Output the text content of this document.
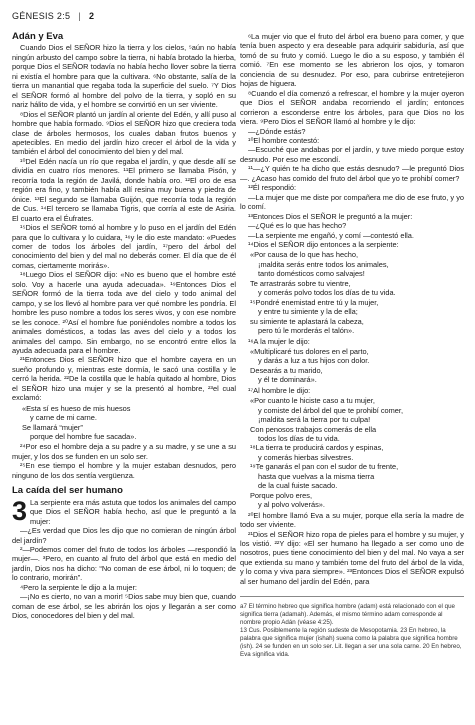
GÉNESIS 2:5 | 2
Adán y Eva

Cuando Dios el SEÑOR hizo la tierra y los cielos, ⁵aún no había ningún arbusto del campo sobre la tierra, ni había brotado la hierba, porque Dios el SEÑOR todavía no había hecho llover sobre la tierra ni existía el hombre para que la cultivara. ⁶No obstante, salía de la tierra un manantial que regaba toda la superficie del suelo. ⁷Y Dios el SEÑOR formó al hombre del polvo de la tierra, y sopló en su nariz hálito de vida, y el hombre se convirtió en un ser viviente.

⁸Dios el SEÑOR plantó un jardín al oriente del Edén, y allí puso al hombre que había formado. ⁹Dios el SEÑOR hizo que creciera toda clase de árboles hermosos, los cuales daban frutos buenos y apetecibles. En medio del jardín hizo crecer el árbol de la vida y también el árbol del conocimiento del bien y del mal.

¹⁰Del Edén nacía un río que regaba el jardín, y que desde allí se dividía en cuatro ríos menores. ¹¹El primero se llamaba Pisón, y recorría toda la región de Javilá, donde había oro. ¹²El oro de esa región era fino, y también había allí resina muy buena y piedra de ónice. ¹³El segundo se llamaba Guijón, que recorría toda la región de Cus. ¹⁴El tercero se llamaba Tigris, que corría al este de Asiria. El cuarto era el Éufrates.

¹⁵Dios el SEÑOR tomó al hombre y lo puso en el jardín del Edén para que lo cultivara y lo cuidara, ¹⁶y le dio este mandato: «Puedes comer de todos los árboles del jardín, ¹⁷pero del árbol del conocimiento del bien y del mal no deberás comer. El día que de él comas, ciertamente morirás».

¹⁸Luego Dios el SEÑOR dijo: «No es bueno que el hombre esté solo. Voy a hacerle una ayuda adecuada». ¹⁹Entonces Dios el SEÑOR formó de la tierra toda ave del cielo y todo animal del campo, y se los llevó al hombre para ver qué nombre les pondría. El hombre les puso nombre a todos los seres vivos, y con ese nombre se les conoce. ²⁰Así el hombre fue poniéndoles nombre a todos los animales domésticos, a todas las aves del cielo y a todos los animales del campo. Sin embargo, no se encontró entre ellos la ayuda adecuada para el hombre.

²¹Entonces Dios el SEÑOR hizo que el hombre cayera en un sueño profundo y, mientras este dormía, le sacó una costilla y le cerró la herida. ²²De la costilla que le había quitado al hombre, Dios el SEÑOR hizo una mujer y se la presentó al hombre, ²³el cual exclamó:

«Esta sí es hueso de mis huesos
y carne de mi carne.
Se llamará “mujer”
porque del hombre fue sacada».

²⁴Por eso el hombre deja a su padre y a su madre, y se une a su mujer, y los dos se funden en un solo ser.

²⁵En ese tiempo el hombre y la mujer estaban desnudos, pero ninguno de los dos sentía vergüenza.

La caída del ser humano
3 La serpiente era más astuta que todos los animales del campo que Dios el SEÑOR había hecho, así que le preguntó a la mujer:

—¿Es verdad que Dios les dijo que no comieran de ningún árbol del jardín?

²—Podemos comer del fruto de todos los árboles —respondió la mujer—. ³Pero, en cuanto al fruto del árbol que está en medio del jardín, Dios nos ha dicho: “No coman de ese árbol, ni lo toquen; de lo contrario, morirán”.

⁴Pero la serpiente le dijo a la mujer:

—¡No es cierto, no van a morir! ⁵Dios sabe muy bien que, cuando coman de ese árbol, se les abrirán los ojos y llegarán a ser como Dios, conocedores del bien y del mal.

⁶La mujer vio que el fruto del árbol era bueno para comer, y que tenía buen aspecto y era deseable para adquirir sabiduría, así que tomó de su fruto y comió. Luego le dio a su esposo, y también él comió. ⁷En ese momento se les abrieron los ojos, y tomaron conciencia de su desnudez. Por eso, para cubrirse entretejieron hojas de higuera.

⁸Cuando el día comenzó a refrescar, el hombre y la mujer oyeron que Dios el SEÑOR andaba recorriendo el jardín; entonces corrieron a esconderse entre los árboles, para que Dios no los viera. ⁹Pero Dios el SEÑOR llamó al hombre y le dijo:

—¿Dónde estás?

¹⁰El hombre contestó:

—Escuché que andabas por el jardín, y tuve miedo porque estoy desnudo. Por eso me escondí.

¹¹—¿Y quién te ha dicho que estás desnudo? —le preguntó Dios—. ¿Acaso has comido del fruto del árbol que yo te prohibí comer?

¹²Él respondió:

—La mujer que me diste por compañera me dio de ese fruto, y yo lo comí.

¹³Entonces Dios el SEÑOR le preguntó a la mujer:

—¿Qué es lo que has hecho?

—La serpiente me engañó, y comí —contestó ella.

¹⁴Dios el SEÑOR dijo entonces a la serpiente:

«Por causa de lo que has hecho,
¡maldita serás entre todos los animales,
tanto domésticos como salvajes!
Te arrastrarás sobre tu vientre,
y comerás polvo todos los días de tu vida.
¹⁵Pondré enemistad entre tú y la mujer,
y entre tu simiente y la de ella;
su simiente te aplastará la cabeza,
pero tú le morderás el talón».

¹⁶A la mujer le dijo:

«Multiplicaré tus dolores en el parto,
y darás a luz a tus hijos con dolor.
Desearás a tu marido,
y él te dominará».

¹⁷Al hombre le dijo:

«Por cuanto le hiciste caso a tu mujer,
y comiste del árbol del que te prohibí comer,
¡maldita será la tierra por tu culpa!
Con penosos trabajos comerás de ella
todos los días de tu vida.
¹⁸La tierra te producirá cardos y espinas,
y comerás hierbas silvestres.
¹⁹Te ganarás el pan con el sudor de tu frente,
hasta que vuelvas a la misma tierra
de la cual fuiste sacado.
Porque polvo eres,
y al polvo volverás».

²⁰El hombre llamó Eva a su mujer, porque ella sería la madre de todo ser viviente.

²¹Dios el SEÑOR hizo ropa de pieles para el hombre y su mujer, y los vistió. ²²Y dijo: «El ser humano ha llegado a ser como uno de nosotros, pues tiene conocimiento del bien y del mal. No vaya a ser que extienda su mano y también tome del fruto del árbol de la vida, y lo coma y viva para siempre». ²³Entonces Dios el SEÑOR expulsó al ser humano del jardín del Edén, para

a7 El término hebreo que significa hombre (adam) está relacionado con el que significa tierra (adamah). Además, el mismo término adam corresponde al nombre propio Adán (véase 4:25).
13 Cus. Posiblemente la región sudeste de Mesopotamia. 23 En hebreo, la palabra que significa mujer (ishah) suena como la palabra que significa hombre (ish). 24 se funden en un solo ser. Lit. llegan a ser una sola carne. 20 En hebreo, Eva significa vida.
